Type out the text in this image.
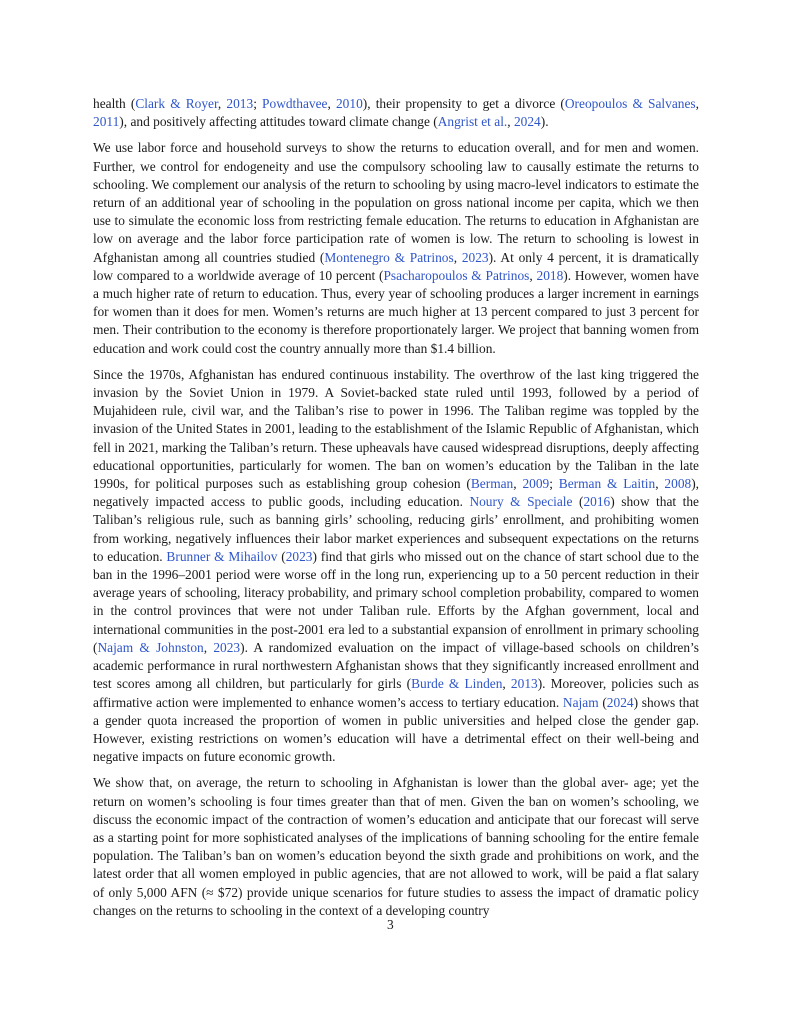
health (Clark & Royer, 2013; Powdthavee, 2010), their propensity to get a divorce (Oreopoulos & Salvanes, 2011), and positively affecting attitudes toward climate change (Angrist et al., 2024).

We use labor force and household surveys to show the returns to education overall, and for men and women. Further, we control for endogeneity and use the compulsory schooling law to causally estimate the returns to schooling. We complement our analysis of the return to schooling by using macro-level indicators to estimate the return of an additional year of schooling in the population on gross national income per capita, which we then use to simulate the economic loss from restricting female education. The returns to education in Afghanistan are low on average and the labor force participation rate of women is low. The return to schooling is lowest in Afghanistan among all countries studied (Montenegro & Patrinos, 2023). At only 4 percent, it is dramatically low compared to a worldwide average of 10 percent (Psacharopoulos & Patrinos, 2018). However, women have a much higher rate of return to education. Thus, every year of schooling produces a larger increment in earnings for women than it does for men. Women’s returns are much higher at 13 percent compared to just 3 percent for men. Their contribution to the economy is therefore proportionately larger. We project that banning women from education and work could cost the country annually more than $1.4 billion.

Since the 1970s, Afghanistan has endured continuous instability. The overthrow of the last king triggered the invasion by the Soviet Union in 1979. A Soviet-backed state ruled until 1993, followed by a period of Mujahideen rule, civil war, and the Taliban’s rise to power in 1996. The Taliban regime was toppled by the invasion of the United States in 2001, leading to the establishment of the Islamic Republic of Afghanistan, which fell in 2021, marking the Taliban’s return. These upheavals have caused widespread disruptions, deeply affecting educational opportunities, particularly for women. The ban on women’s education by the Taliban in the late 1990s, for political purposes such as establishing group cohesion (Berman, 2009; Berman & Laitin, 2008), negatively impacted access to public goods, including education. Noury & Speciale (2016) show that the Taliban’s religious rule, such as banning girls’ schooling, reducing girls’ enrollment, and prohibiting women from working, negatively influences their labor market experiences and subsequent expectations on the returns to education. Brunner & Mihailov (2023) find that girls who missed out on the chance of start school due to the ban in the 1996–2001 period were worse off in the long run, experiencing up to a 50 percent reduction in their average years of schooling, literacy probability, and primary school completion probability, compared to women in the control provinces that were not under Taliban rule. Efforts by the Afghan government, local and international communities in the post-2001 era led to a substantial expansion of enrollment in primary schooling (Najam & Johnston, 2023). A randomized evaluation on the impact of village-based schools on children’s academic performance in rural northwestern Afghanistan shows that they significantly increased enrollment and test scores among all children, but particularly for girls (Burde & Linden, 2013). Moreover, policies such as affirmative action were implemented to enhance women’s access to tertiary education. Najam (2024) shows that a gender quota increased the proportion of women in public universities and helped close the gender gap. However, existing restrictions on women’s education will have a detrimental effect on their well-being and negative impacts on future economic growth.

We show that, on average, the return to schooling in Afghanistan is lower than the global aver- age; yet the return on women’s schooling is four times greater than that of men. Given the ban on women’s schooling, we discuss the economic impact of the contraction of women’s education and anticipate that our forecast will serve as a starting point for more sophisticated analyses of the implications of banning schooling for the entire female population. The Taliban’s ban on women’s education beyond the sixth grade and prohibitions on work, and the latest order that all women employed in public agencies, that are not allowed to work, will be paid a flat salary of only 5,000 AFN (≈ $72) provide unique scenarios for future studies to assess the impact of dramatic policy changes on the returns to schooling in the context of a developing country

3
